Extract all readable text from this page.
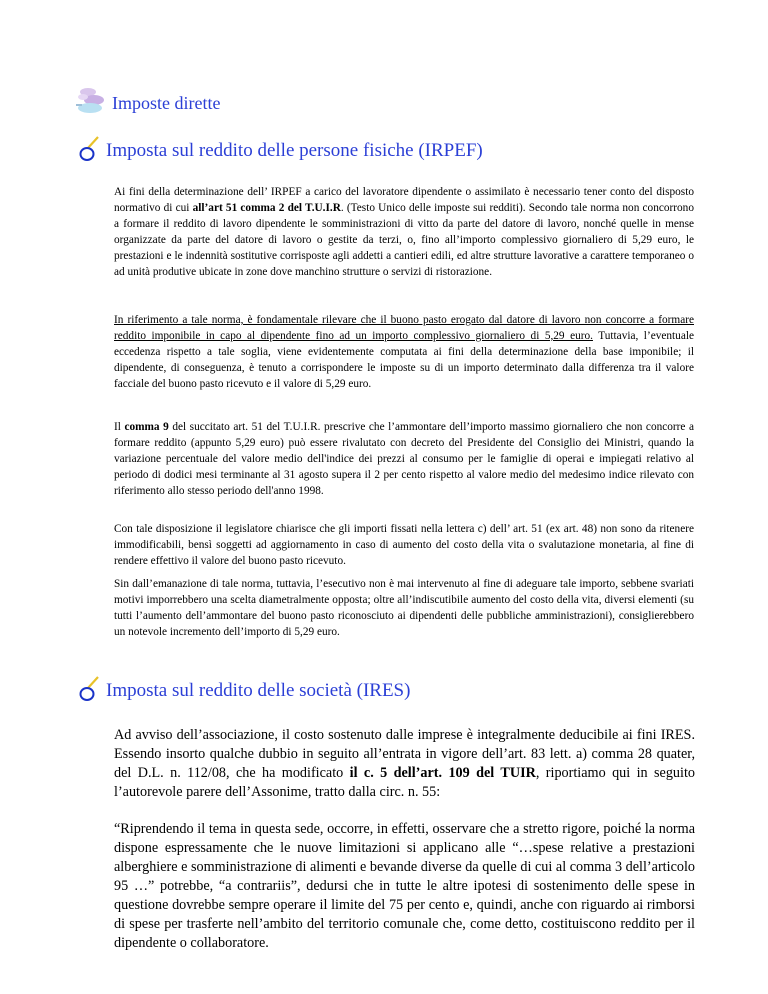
Imposte dirette
Imposta sul reddito delle persone fisiche (IRPEF)

Ai fini della determinazione dell’ IRPEF a carico del lavoratore dipendente o assimilato è necessario tener conto del disposto normativo di cui all’art 51 comma 2 del T.U.I.R. (Testo Unico delle imposte sui redditi). Secondo tale norma non concorrono a formare il reddito di lavoro dipendente le somministrazioni di vitto da parte del datore di lavoro, nonché quelle in mense organizzate da parte del datore di lavoro o gestite da terzi, o, fino all’importo complessivo giornaliero di 5,29 euro, le prestazioni e le indennità sostitutive corrisposte agli addetti a cantieri edili, ed altre strutture lavorative a carattere temporaneo o ad unità produtive ubicate in zone dove manchino strutture o servizi di ristorazione.

In riferimento a tale norma, è fondamentale rilevare che il buono pasto erogato dal datore di lavoro non concorre a formare reddito imponibile in capo al dipendente fino ad un importo complessivo giornaliero di 5,29 euro. Tuttavia, l’eventuale eccedenza rispetto a tale soglia, viene evidentemente computata ai fini della determinazione della base imponibile; il dipendente, di conseguenza, è tenuto a corrispondere le imposte su di un importo determinato dalla differenza tra il valore facciale del buono pasto ricevuto e il valore di 5,29 euro.

Il comma 9 del succitato art. 51 del T.U.I.R. prescrive che l’ammontare dell’importo massimo giornaliero che non concorre a formare reddito (appunto 5,29 euro) può essere rivalutato con decreto del Presidente del Consiglio dei Ministri, quando la variazione percentuale del valore medio dell'indice dei prezzi al consumo per le famiglie di operai e impiegati relativo al periodo di dodici mesi terminante al 31 agosto supera il 2 per cento rispetto al valore medio del medesimo indice rilevato con riferimento allo stesso periodo dell'anno 1998.

Con tale disposizione il legislatore chiarisce che gli importi fissati nella lettera c) dell’ art. 51 (ex art. 48) non sono da ritenere immodificabili, bensì soggetti ad aggiornamento in caso di aumento del costo della vita o svalutazione monetaria, al fine di rendere effettivo il valore del buono pasto ricevuto.

Sin dall’emanazione di tale norma, tuttavia, l’esecutivo non è mai intervenuto al fine di adeguare tale importo, sebbene svariati motivi imporrebbero una scelta diametralmente opposta; oltre all’indiscutibile aumento del costo della vita, diversi elementi (su tutti l’aumento dell’ammontare del buono pasto riconosciuto ai dipendenti delle pubbliche amministrazioni), consiglierebbero un notevole incremento dell’importo di 5,29 euro.

Imposta sul reddito delle società (IRES)

Ad avviso dell’associazione, il costo sostenuto dalle imprese è integralmente deducibile ai fini IRES. Essendo insorto qualche dubbio in seguito all’entrata in vigore dell’art. 83 lett. a) comma 28 quater, del D.L. n. 112/08, che ha modificato il c. 5 dell’art. 109 del TUIR, riportiamo qui in seguito l’autorevole parere dell’Assonime, tratto dalla circ. n. 55:

“Riprendendo il tema in questa sede, occorre, in effetti, osservare che a stretto rigore, poiché la norma dispone espressamente che le nuove limitazioni si applicano alle “…spese relative a prestazioni alberghiere e somministrazione di alimenti e bevande diverse da quelle di cui al comma 3 dell’articolo 95 …” potrebbe, “a contrariis”, dedursi che in tutte le altre ipotesi di sostenimento delle spese in questione dovrebbe sempre operare il limite del 75 per cento e, quindi, anche con riguardo ai rimborsi di spese per trasferte nell’ambito del territorio comunale che, come detto, costituiscono reddito per il dipendente o collaboratore.
